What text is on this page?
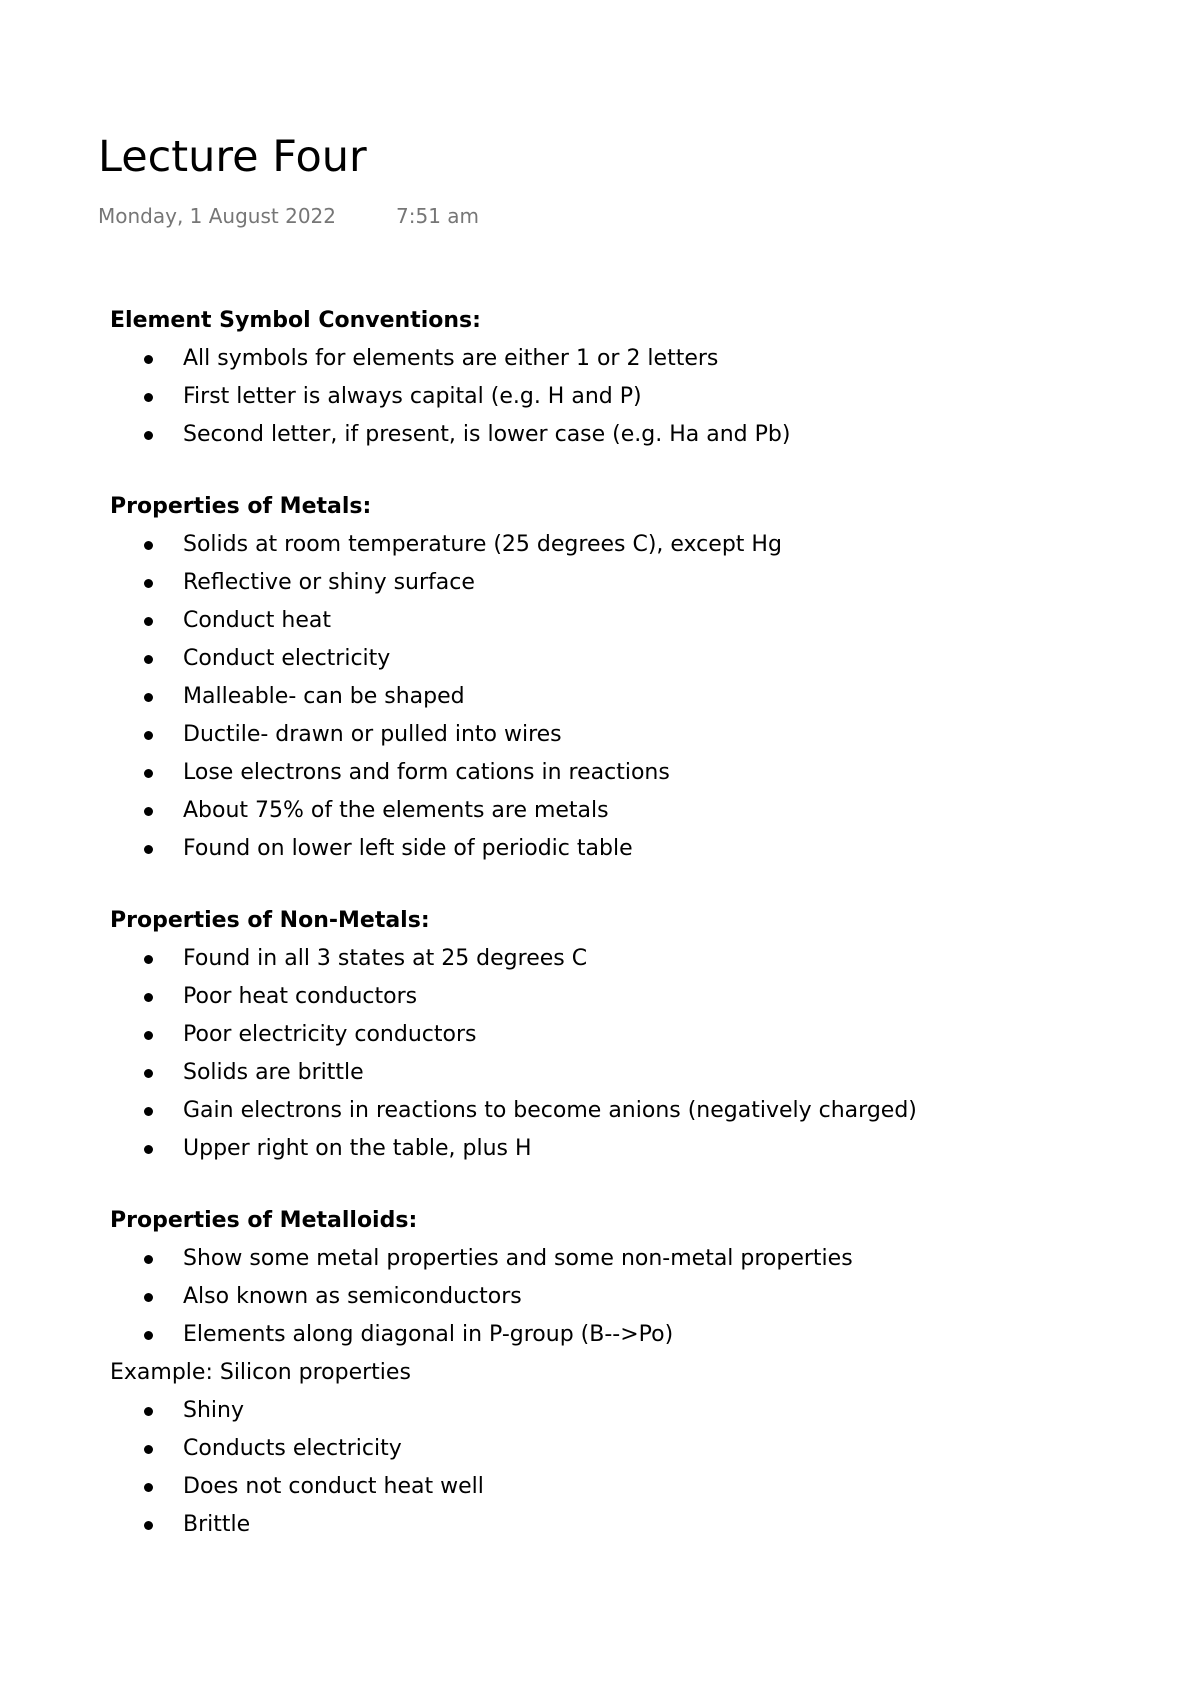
Lecture Four
Monday, 1 August 2022	7:51 am
Element Symbol Conventions:
All symbols for elements are either 1 or 2 letters
First letter is always capital (e.g. H and P)
Second letter, if present, is lower case (e.g. Ha and Pb)
Properties of Metals:
Solids at room temperature (25 degrees C), except Hg
Reflective or shiny surface
Conduct heat
Conduct electricity
Malleable- can be shaped
Ductile- drawn or pulled into wires
Lose electrons and form cations in reactions
About 75% of the elements are metals
Found on lower left side of periodic table
Properties of Non-Metals:
Found in all 3 states at 25 degrees C
Poor heat conductors
Poor electricity conductors
Solids are brittle
Gain electrons in reactions to become anions (negatively charged)
Upper right on the table, plus H
Properties of Metalloids:
Show some metal properties and some non-metal properties
Also known as semiconductors
Elements along diagonal in P-group (B-->Po)
Example: Silicon properties
Shiny
Conducts electricity
Does not conduct heat well
Brittle
